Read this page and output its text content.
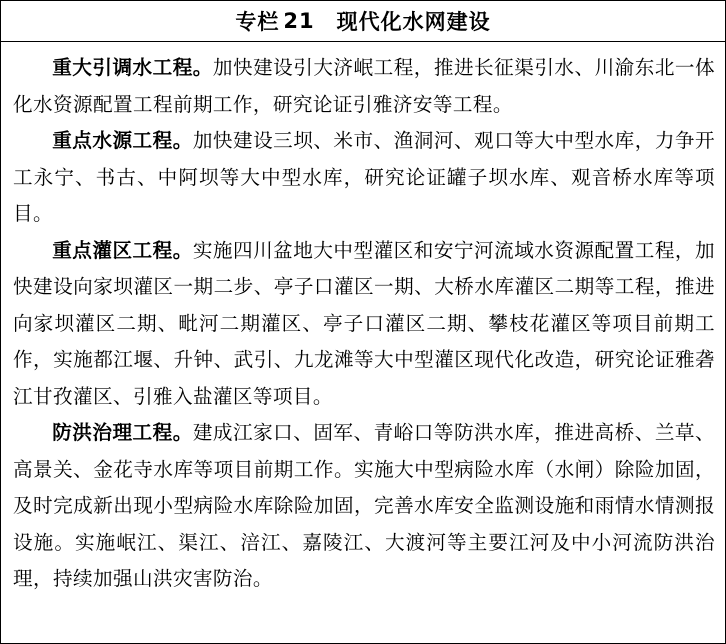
专栏 21 现代化水网建设

重大引调水工程。加快建设引大济岷工程，推进长征渠引水、川渝东北一体化水资源配置工程前期工作，研究论证引雅济安等工程。

重点水源工程。加快建设三坝、米市、渔洞河、观口等大中型水库，力争开工永宁、书古、中阿坝等大中型水库，研究论证罐子坝水库、观音桥水库等项目。

重点灌区工程。实施四川盆地大中型灌区和安宁河流域水资源配置工程，加快建设向家坝灌区一期二步、亭子口灌区一期、大桥水库灌区二期等工程，推进向家坝灌区二期、毗河二期灌区、亭子口灌区二期、攀枝花灌区等项目前期工作，实施都江堰、升钟、武引、九龙滩等大中型灌区现代化改造，研究论证雅砻江甘孜灌区、引雅入盐灌区等项目。

防洪治理工程。建成江家口、固军、青峪口等防洪水库，推进高桥、兰草、高景关、金花寺水库等项目前期工作。实施大中型病险水库（水闸）除险加固，及时完成新出现小型病险水库除险加固，完善水库安全监测设施和雨情水情测报设施。实施岷江、渠江、涪江、嘉陵江、大渡河等主要江河及中小河流防洪治理，持续加强山洪灾害防治。
